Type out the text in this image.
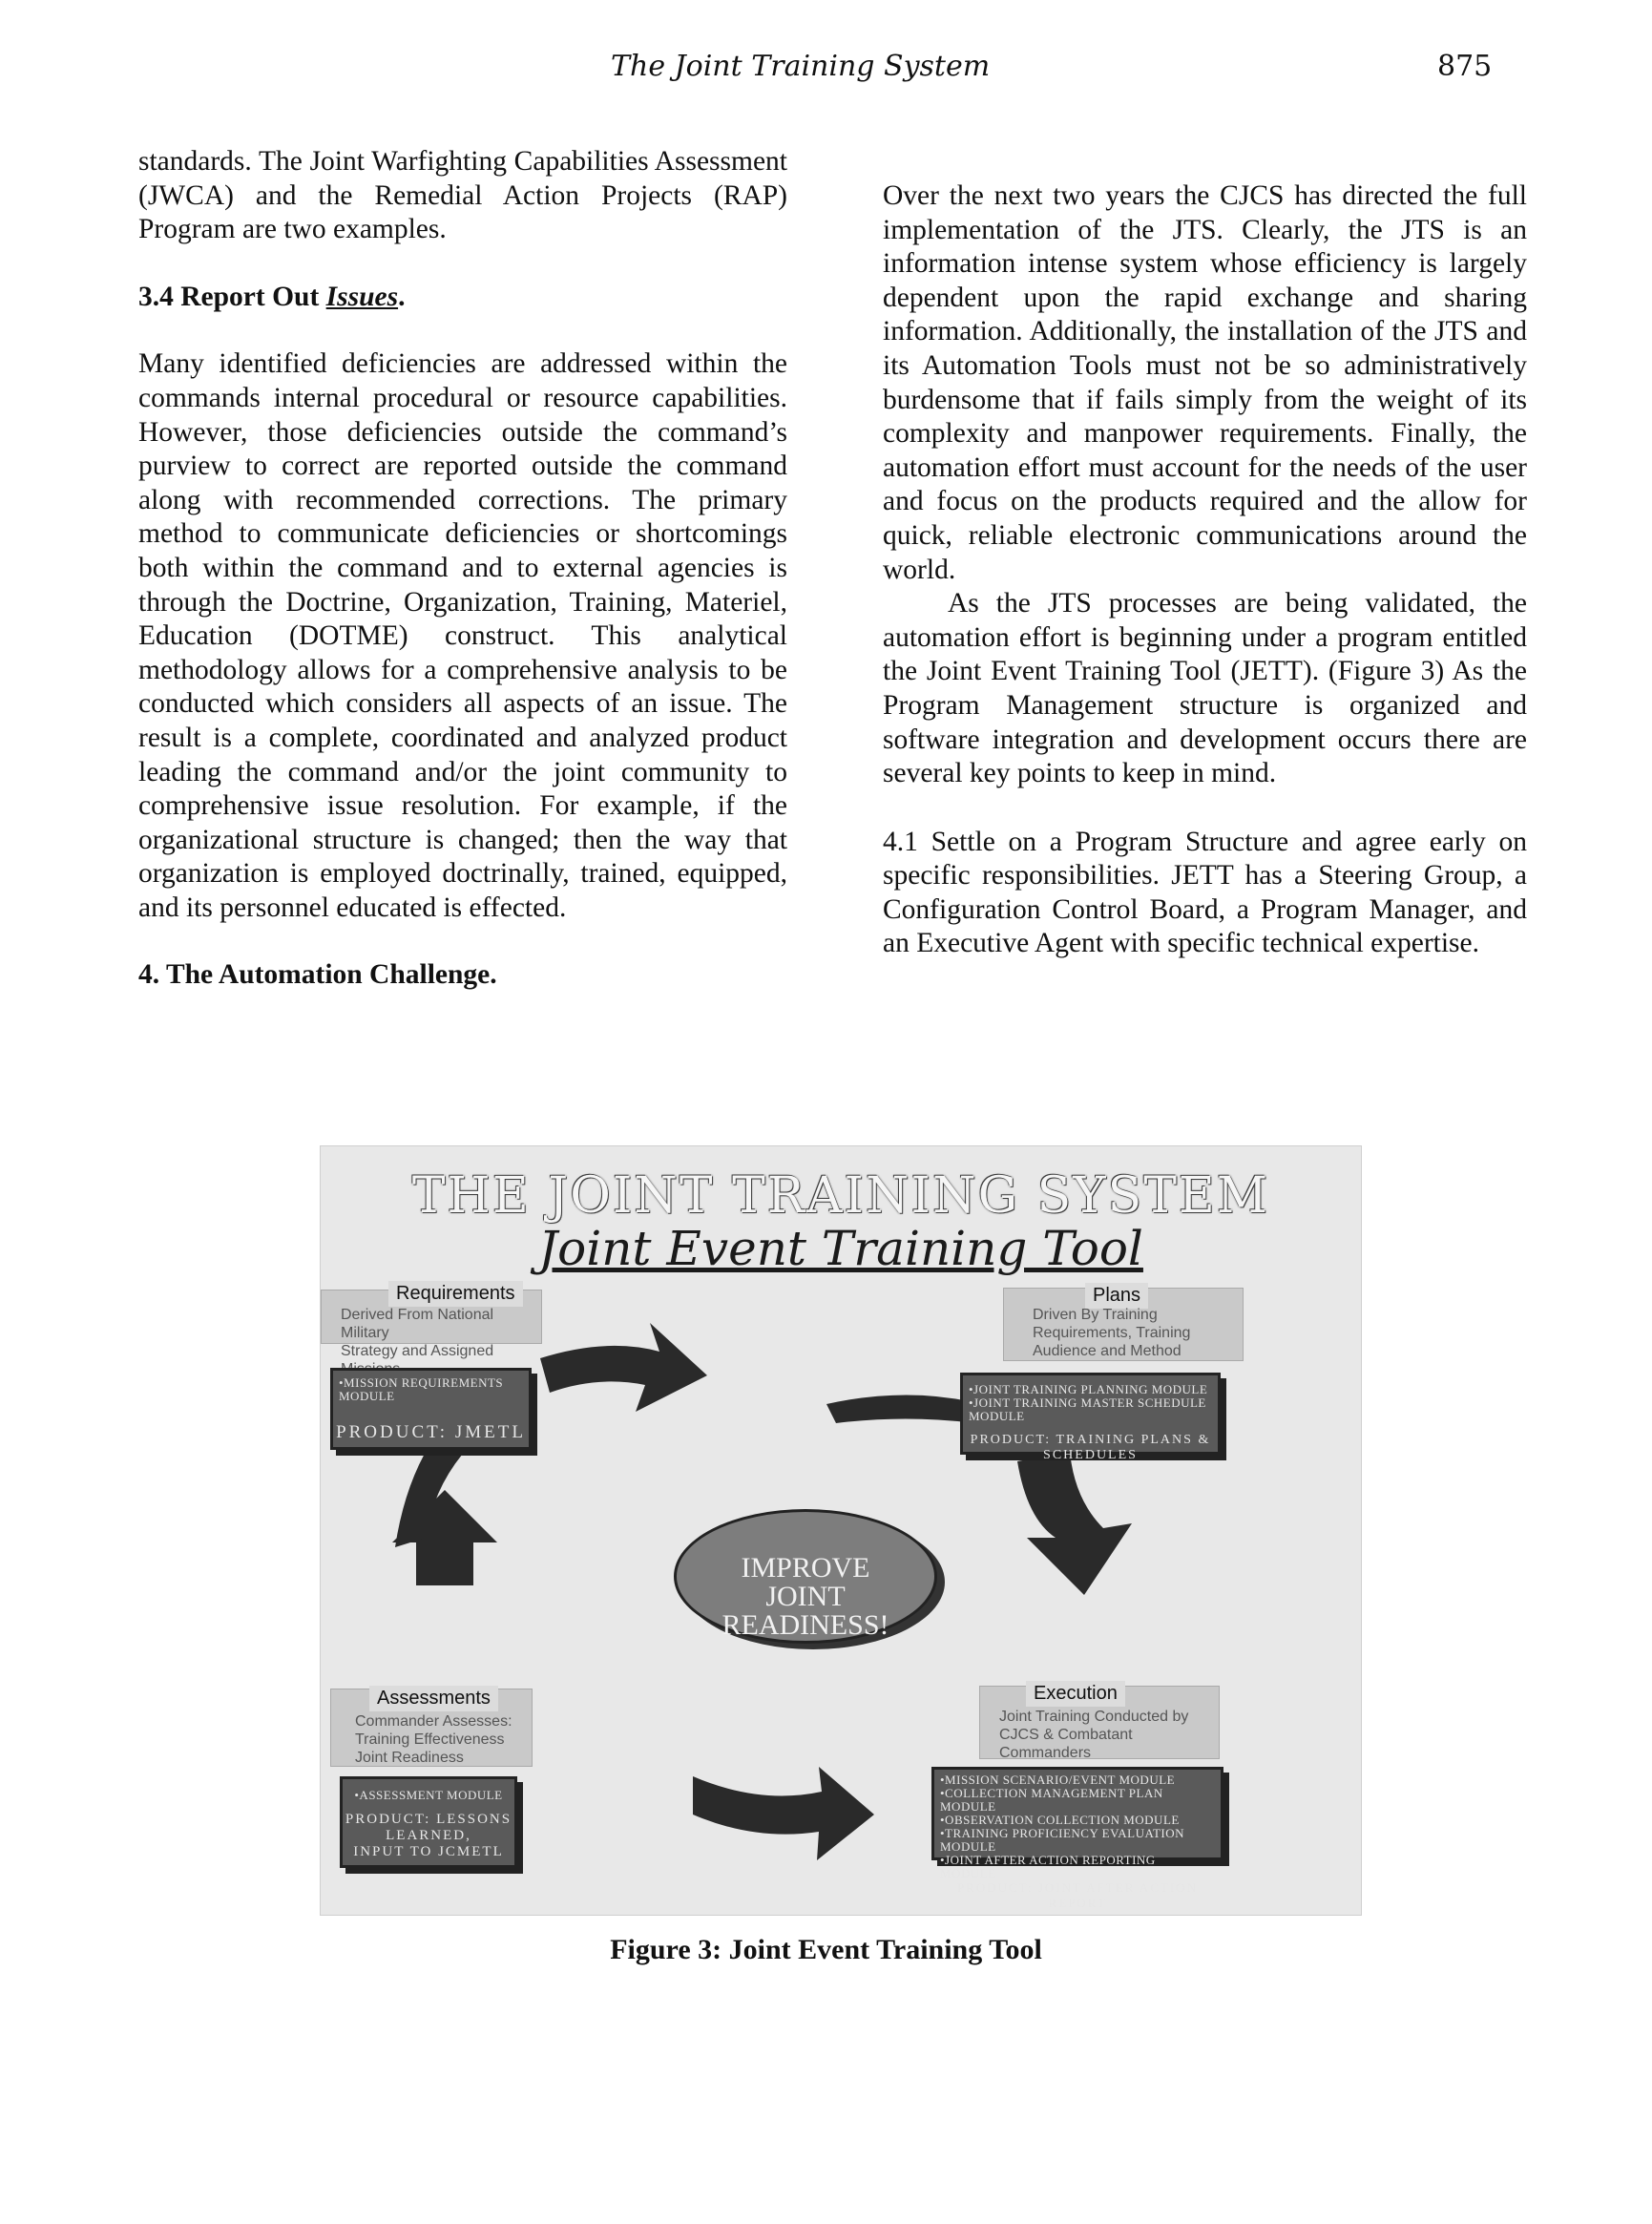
The Joint Training System	875

standards. The Joint Warfighting Capabilities Assessment (JWCA) and the Remedial Action Projects (RAP) Program are two examples.

3.4 Report Out Issues.

Many identified deficiencies are addressed within the commands internal procedural or resource capabilities. However, those deficiencies outside the command’s purview to correct are reported outside the command along with recommended corrections. The primary method to communicate deficiencies or shortcomings both within the command and to external agencies is through the Doctrine, Organization, Training, Materiel, Education (DOTME) construct. This analytical methodology allows for a comprehensive analysis to be conducted which considers all aspects of an issue. The result is a complete, coordinated and analyzed product leading the command and/or the joint community to comprehensive issue resolution. For example, if the organizational structure is changed; then the way that organization is employed doctrinally, trained, equipped, and its personnel educated is effected.

4. The Automation Challenge.

Over the next two years the CJCS has directed the full implementation of the JTS. Clearly, the JTS is an information intense system whose efficiency is largely dependent upon the rapid exchange and sharing information. Additionally, the installation of the JTS and its Automation Tools must not be so administratively burdensome that if fails simply from the weight of its complexity and manpower requirements. Finally, the automation effort must account for the needs of the user and focus on the products required and the allow for quick, reliable electronic communications around the world.

As the JTS processes are being validated, the automation effort is beginning under a program entitled the Joint Event Training Tool (JETT). (Figure 3) As the Program Management structure is organized and software integration and development occurs there are several key points to keep in mind.

4.1 Settle on a Program Structure and agree early on specific responsibilities. JETT has a Steering Group, a Configuration Control Board, a Program Manager, and an Executive Agent with specific technical expertise.

THE JOINT TRAINING SYSTEM
Joint Event Training Tool
Requirements
Derived From National Military
Strategy and Assigned
•MISSION REQUIREMENTS MODULE
PRODUCT: JMETL
Plans
Driven By Training
Requirements, Training
Audience and Method
•JOINT TRAINING PLANNING MODULE
•JOINT TRAINING MASTER SCHEDULE MODULE
PRODUCT: TRAINING PLANS & SCHEDULES
IMPROVE
JOINT
READINESS!
Execution
Joint Training Conducted by
CJCS & Combatant Commanders
•MISSION SCENARIO/EVENT MODULE
•COLLECTION MANAGEMENT PLAN MODULE
•OBSERVATION COLLECTION MODULE
•TRAINING PROFICIENCY EVALUATION MODULE
•JOINT AFTER ACTION REPORTING MODULE
PRODUCT: JOINT AFTER ACTION REPORT
Assessments
Commander Assesses:
Training Effectiveness
Joint Readiness
•ASSESSMENT MODULE
PRODUCT: LESSONS LEARNED,
INPUT TO JCMETL
Figure 3: Joint Event Training Tool
